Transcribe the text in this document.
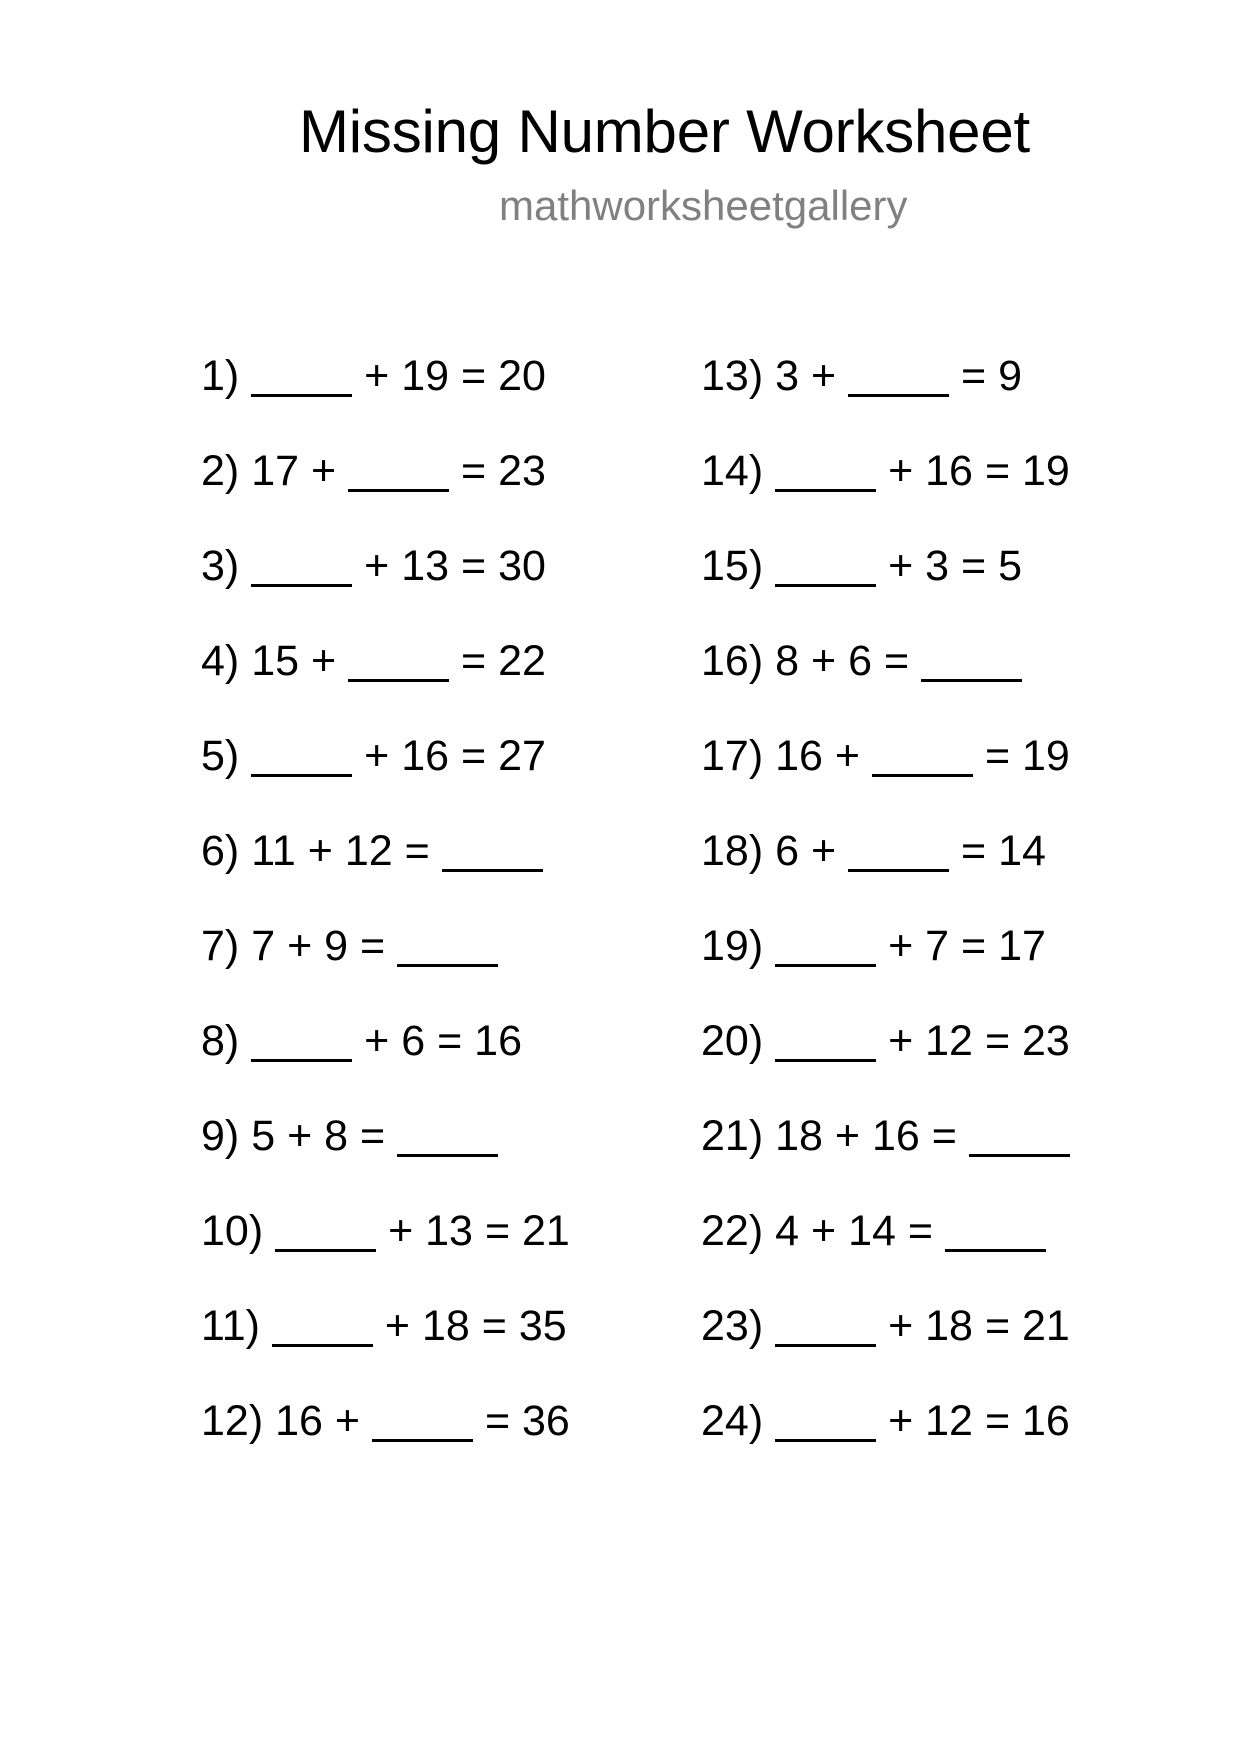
Missing Number Worksheet
mathworksheetgallery
1)	+ 19 = 20
2) 17 +	= 23
3)	+ 13 = 30
4) 15 +	= 22
5)	+ 16 = 27
6) 11 + 12 =
7) 7 + 9 =
8)	+ 6 = 16
9) 5 + 8 =
10)	+ 13 = 21
11)	+ 18 = 35
12) 16 +	= 36
13) 3 +	= 9
14)	+ 16 = 19
15)	+ 3 = 5
16) 8 + 6 =
17) 16 +	= 19
18) 6 +	= 14
19)	+ 7 = 17
20)	+ 12 = 23
21) 18 + 16 =
22) 4 + 14 =
23)	+ 18 = 21
24)	+ 12 = 16
